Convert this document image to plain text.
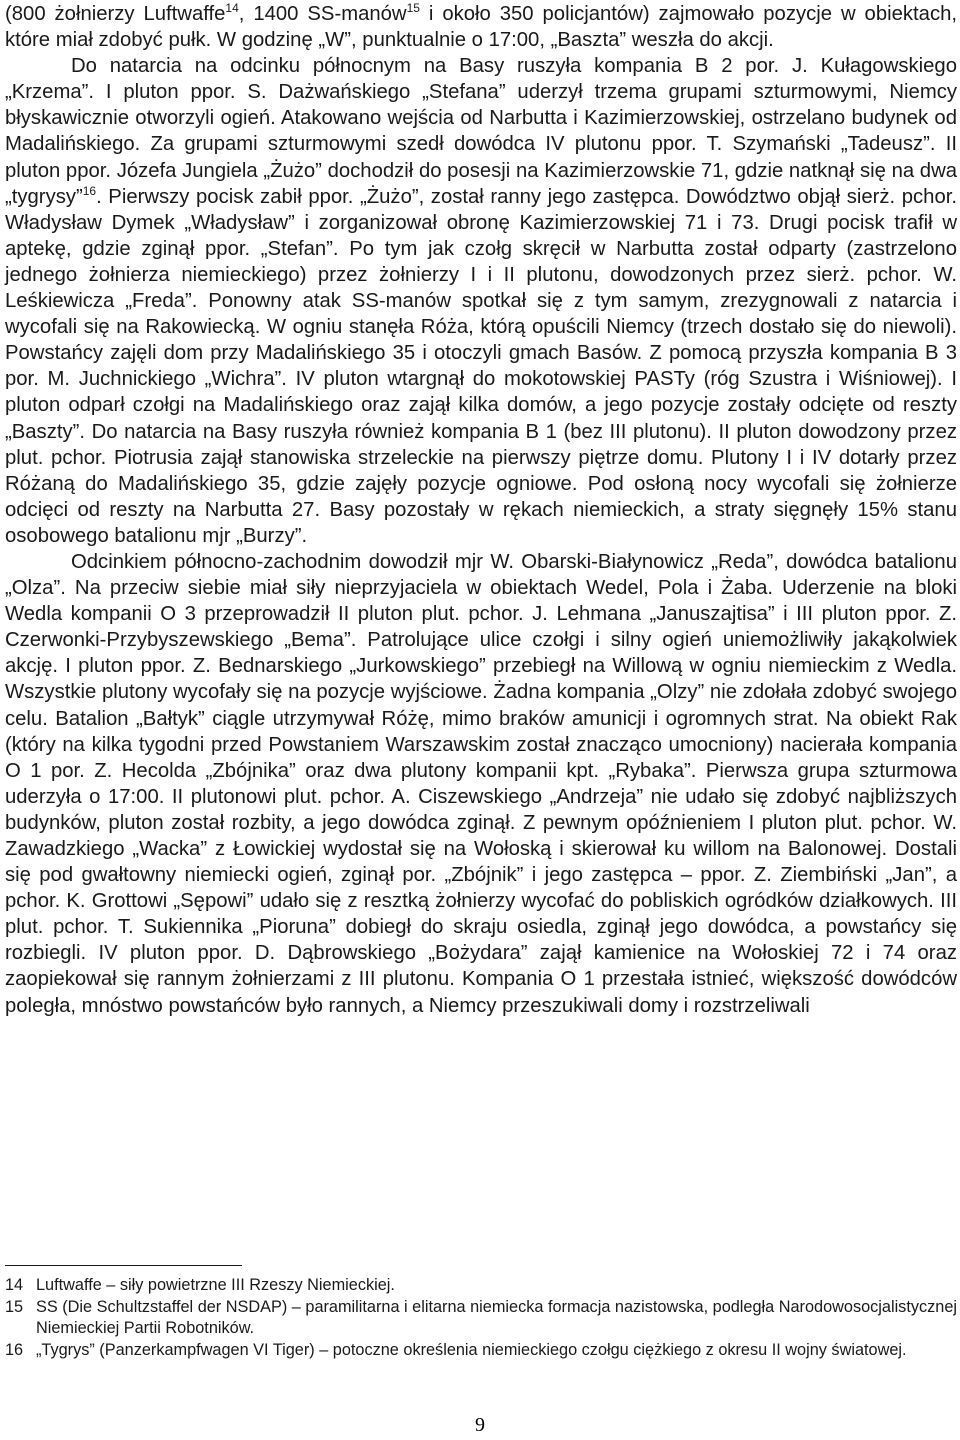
(800 żołnierzy Luftwaffe$^{14}$, 1400 SS-manów$^{15}$ i około 350 policjantów) zajmowało pozycje w obiektach, które miał zdobyć pułk. W godzinę „W”, punktualnie o 17:00, „Baszta” weszła do akcji.

Do natarcia na odcinku północnym na Basy ruszyła kompania B 2 por. J. Kułagowskiego „Krzema”. I pluton ppor. S. Dażwańskiego „Stefana” uderzył trzema grupami szturmowymi, Niemcy błyskawicznie otworzyli ogień. Atakowano wejścia od Narbutta i Kazimierzowskiej, ostrzelano budynek od Madalińskiego. Za grupami szturmowymi szedł dowódca IV plutonu ppor. T. Szymański „Tadeusz”. II pluton ppor. Józefa Jungiela „Żużo” dochodził do posesji na Kazimierzowskie 71, gdzie natknął się na dwa „tygrysy”$^{16}$. Pierwszy pocisk zabił ppor. „Żużo”, został ranny jego zastępca. Dowództwo objął sierż. pchor. Władysław Dymek „Władysław” i zorganizował obronę Kazimierzowskiej 71 i 73. Drugi pocisk trafił w aptekę, gdzie zginął ppor. „Stefan”. Po tym jak czołg skręcił w Narbutta został odparty (zastrzelono jednego żołnierza niemieckiego) przez żołnierzy I i II plutonu, dowodzonych przez sierż. pchor. W. Leśkiewicza „Freda”. Ponowny atak SS-manów spotkał się z tym samym, zrezygnowali z natarcia i wycofali się na Rakowiecką. W ogniu stanęła Róża, którą opuścili Niemcy (trzech dostało się do niewoli). Powstańcy zajęli dom przy Madalińskiego 35 i otoczyli gmach Basów. Z pomocą przyszła kompania B 3 por. M. Juchnickiego „Wichra”. IV pluton wtargnął do mokotowskiej PASTy (róg Szustra i Wiśniowej). I pluton odparł czołgi na Madalińskiego oraz zajął kilka domów, a jego pozycje zostały odcięte od reszty „Baszty”. Do natarcia na Basy ruszyła również kompania B 1 (bez III plutonu). II pluton dowodzony przez plut. pchor. Piotrusia zajął stanowiska strzeleckie na pierwszy piętrze domu. Plutony I i IV dotarły przez Różaną do Madalińskiego 35, gdzie zajęły pozycje ogniowe. Pod osłoną nocy wycofali się żołnierze odcięci od reszty na Narbutta 27. Basy pozostały w rękach niemieckich, a straty sięgnęły 15% stanu osobowego batalionu mjr „Burzy”.

Odcinkiem północno-zachodnim dowodził mjr W. Obarski-Białynowicz „Reda”, dowódca batalionu „Olza”. Na przeciw siebie miał siły nieprzyjaciela w obiektach Wedel, Pola i Żaba. Uderzenie na bloki Wedla kompanii O 3 przeprowadził II pluton plut. pchor. J. Lehmana „Januszajtisa” i III pluton ppor. Z. Czerwonki-Przybyszewskiego „Bema”. Patrolujące ulice czołgi i silny ogień uniemożliwiły jakąkolwiek akcję. I pluton ppor. Z. Bednarskiego „Jurkowskiego” przebiegł na Willową w ogniu niemieckim z Wedla. Wszystkie plutony wycofały się na pozycje wyjściowe. Żadna kompania „Olzy” nie zdołała zdobyć swojego celu. Batalion „Bałtyk” ciągle utrzymywał Różę, mimo braków amunicji i ogromnych strat. Na obiekt Rak (który na kilka tygodni przed Powstaniem Warszawskim został znacząco umocniony) nacierała kompania O 1 por. Z. Hecolda „Zbójnika” oraz dwa plutony kompanii kpt. „Rybaka”. Pierwsza grupa szturmowa uderzyła o 17:00. II plutonowi plut. pchor. A. Ciszewskiego „Andrzeja” nie udało się zdobyć najbliższych budynków, pluton został rozbity, a jego dowódca zginął. Z pewnym opóźnieniem I pluton plut. pchor. W. Zawadzkiego „Wacka” z Łowickiej wydostał się na Wołoską i skierował ku willom na Balonowej. Dostali się pod gwałtowny niemiecki ogień, zginął por. „Zbójnik” i jego zastępca – ppor. Z. Ziembiński „Jan”, a pchor. K. Grottowi „Sępowi” udało się z resztką żołnierzy wycofać do pobliskich ogródków działkowych. III plut. pchor. T. Sukiennika „Pioruna” dobiegł do skraju osiedla, zginął jego dowódca, a powstańcy się rozbiegli. IV pluton ppor. D. Dąbrowskiego „Bożydara” zajął kamienice na Wołoskiej 72 i 74 oraz zaopiekował się rannym żołnierzami z III plutonu. Kompania O 1 przestała istnieć, większość dowódców poległa, mnóstwo powstańców było rannych, a Niemcy przeszukiwali domy i rozstrzeliwali

14 Luftwaffe – siły powietrzne III Rzeszy Niemieckiej.
15 SS (Die Schultzstaffel der NSDAP) – paramilitarna i elitarna niemiecka formacja nazistowska, podległa Narodowosocjalistycznej Niemieckiej Partii Robotników.
16 „Tygrys” (Panzerkampfwagen VI Tiger) – potoczne określenia niemieckiego czołgu ciężkiego z okresu II wojny światowej.
9
